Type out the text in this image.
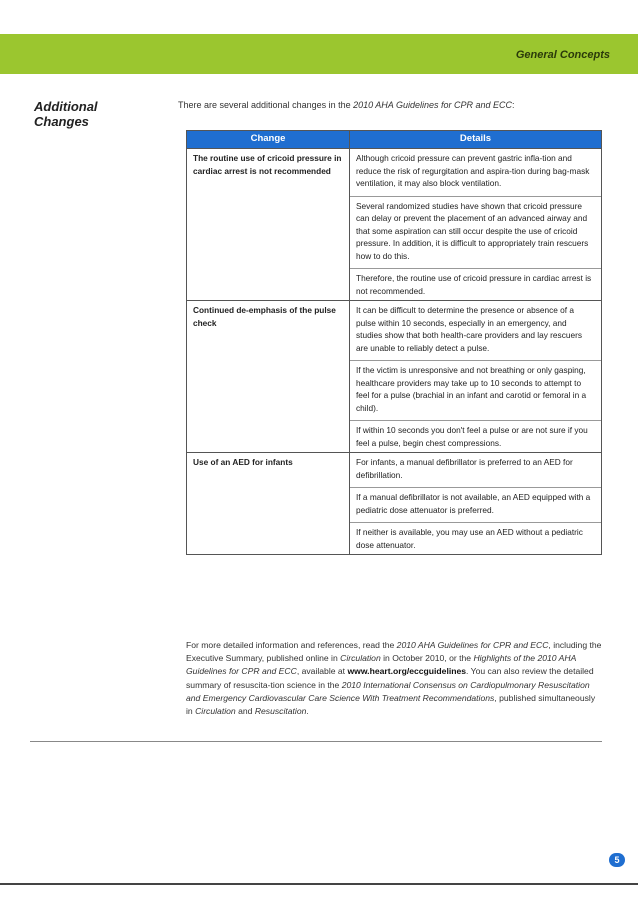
General Concepts
Additional
Changes
There are several additional changes in the 2010 AHA Guidelines for CPR and ECC:
Change	Details
The routine use of cricoid pressure in cardiac arrest is not recommended	Although cricoid pressure can prevent gastric infla-tion and reduce the risk of regurgitation and aspira-tion during bag-mask ventilation, it may also block ventilation.
Several randomized studies have shown that cricoid pressure can delay or prevent the placement of an advanced airway and that some aspiration can still occur despite the use of cricoid pressure. In addition, it is difficult to appropriately train rescuers how to do this.
Therefore, the routine use of cricoid pressure in cardiac arrest is not recommended.

Continued de-emphasis of the pulse check	It can be difficult to determine the presence or absence of a pulse within 10 seconds, especially in an emergency, and studies show that both health-care providers and lay rescuers are unable to reliably detect a pulse.
If the victim is unresponsive and not breathing or only gasping, healthcare providers may take up to 10 seconds to attempt to feel for a pulse (brachial in an infant and carotid or femoral in a child).
If within 10 seconds you don't feel a pulse or are not sure if you feel a pulse, begin chest compressions.

Use of an AED for infants	For infants, a manual defibrillator is preferred to an AED for defibrillation.
If a manual defibrillator is not available, an AED equipped with a pediatric dose attenuator is preferred.
If neither is available, you may use an AED without a pediatric dose attenuator.
For more detailed information and references, read the 2010 AHA Guidelines for CPR and ECC, including the Executive Summary, published online in Circulation in October 2010, or the Highlights of the 2010 AHA Guidelines for CPR and ECC, available at www.heart.org/eccguidelines. You can also review the detailed summary of resuscita-tion science in the 2010 International Consensus on Cardiopulmonary Resuscitation and Emergency Cardiovascular Care Science With Treatment Recommendations, published simultaneously in Circulation and Resuscitation.
5
